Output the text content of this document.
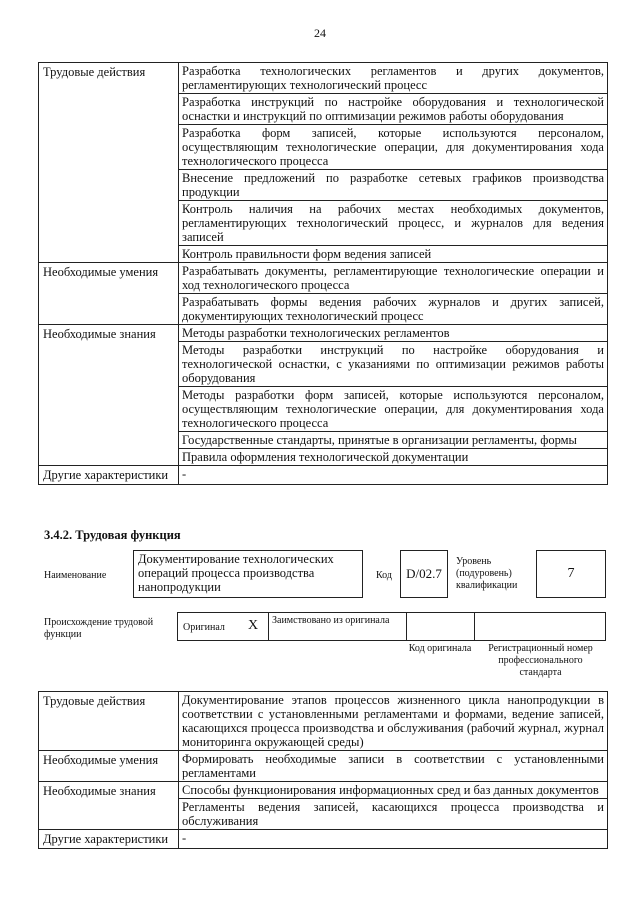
24
Трудовые действия	Разработка технологических регламентов и других документов, регламентирующих технологический процесс
	Разработка инструкций по настройке оборудования и технологической оснастки и инструкций по оптимизации режимов работы оборудования
	Разработка форм записей, которые используются персоналом, осуществляющим технологические операции, для документирования хода технологического процесса
	Внесение предложений по разработке сетевых графиков производства продукции
	Контроль наличия на рабочих местах необходимых документов, регламентирующих технологический процесс, и журналов для ведения записей
	Контроль правильности форм ведения записей
Необходимые умения	Разрабатывать документы, регламентирующие технологические операции и ход технологического процесса
	Разрабатывать формы ведения рабочих журналов и других записей, документирующих технологический процесс
Необходимые знания	Методы разработки технологических регламентов
	Методы разработки инструкций по настройке оборудования и технологической оснастки, с указаниями по оптимизации режимов работы оборудования
	Методы разработки форм записей, которые используются персоналом, осуществляющим технологические операции, для документирования хода технологического процесса
	Государственные стандарты, принятые в организации регламенты, формы
	Правила оформления технологической документации
Другие характеристики	-
3.4.2. Трудовая функция
Наименование
Документирование технологических операций процесса производства нанопродукции
Код	D/02.7
Уровень (подуровень) квалификации
7
Происхождение трудовой функции
Оригинал X Заимствовано из оригинала
Код оригинала	Регистрационный номер профессионального стандарта
Трудовые действия	Документирование этапов процессов жизненного цикла нанопродукции в соответствии с установленными регламентами и формами, ведение записей, касающихся процесса производства и обслуживания (рабочий журнал, журнал мониторинга окружающей среды)
Необходимые умения	Формировать необходимые записи в соответствии с установленными регламентами
Необходимые знания	Способы функционирования информационных сред и баз данных документов
	Регламенты ведения записей, касающихся процесса производства и обслуживания
Другие характеристики	-
